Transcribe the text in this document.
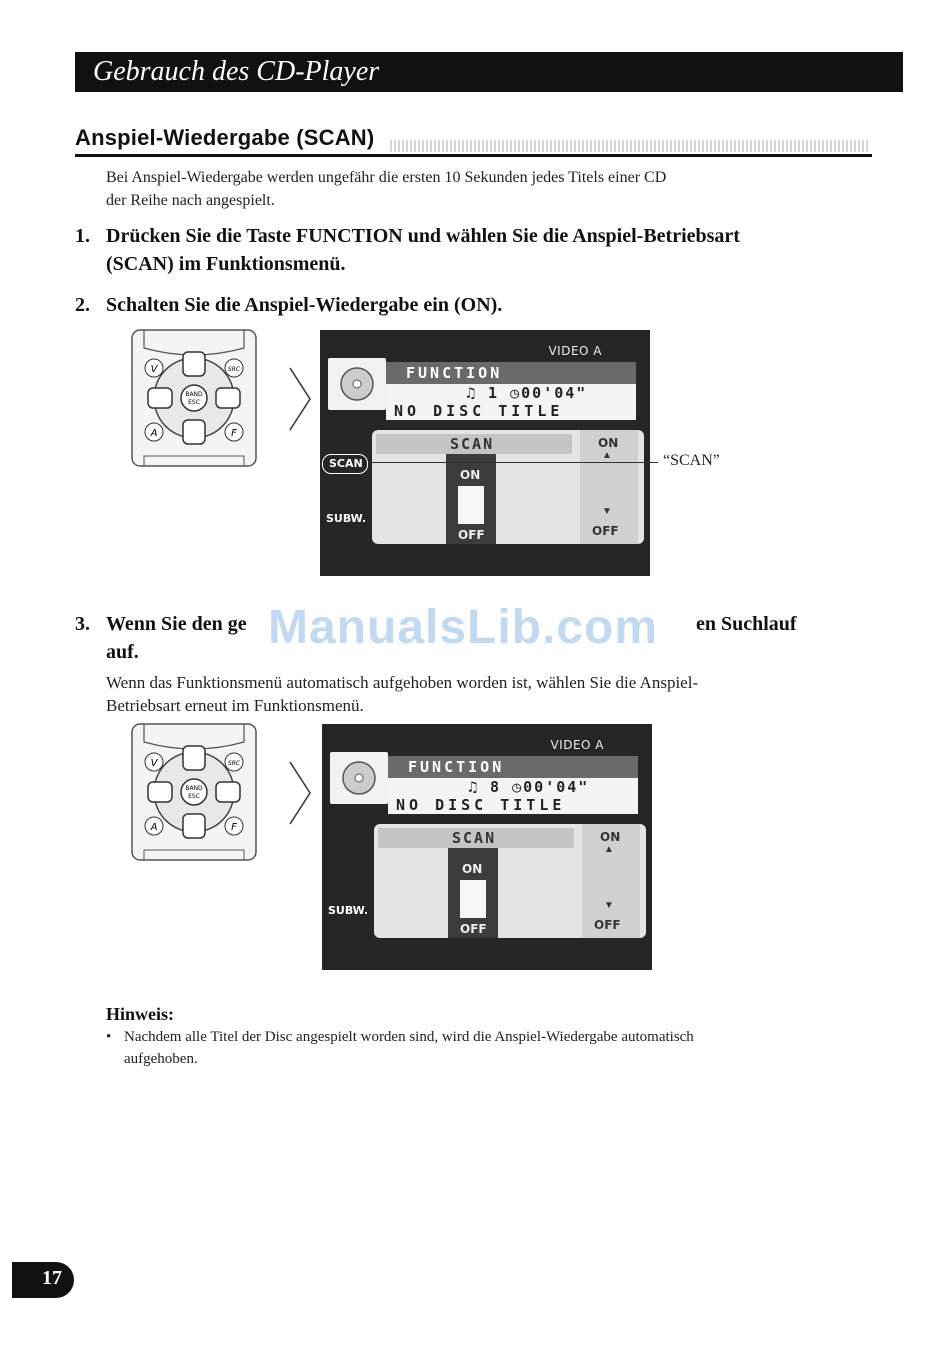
Gebrauch des CD-Player
Anspiel-Wiedergabe (SCAN)
Bei Anspiel-Wiedergabe werden ungefähr die ersten 10 Sekunden jedes Titels einer CD
der Reihe nach angespielt.
1. Drücken Sie die Taste FUNCTION und wählen Sie die Anspiel-Betriebsart
(SCAN) im Funktionsmenü.
2. Schalten Sie die Anspiel-Wiedergabe ein (ON).
BAND
ESC
V	SRC
A	F
VIDEO A
FUNCTION
♫ 1 ◷00'04"
NO DISC TITLE
SCAN
SUBW.
SCAN
ON
OFF
ON
▲
▼
OFF
“SCAN”
3. Wenn Sie den ge	en Suchlauf
auf.	ManualsLib.com
Wenn das Funktionsmenü automatisch aufgehoben worden ist, wählen Sie die Anspiel-
Betriebsart erneut im Funktionsmenü.
BAND
ESC
V	SRC
A	F
VIDEO A
FUNCTION
♫ 8 ◷00'04"
NO DISC TITLE
SUBW.
SCAN
ON
OFF
ON
▲
▼
OFF
Hinweis:
• Nachdem alle Titel der Disc angespielt worden sind, wird die Anspiel-Wiedergabe automatisch
aufgehoben.
17
